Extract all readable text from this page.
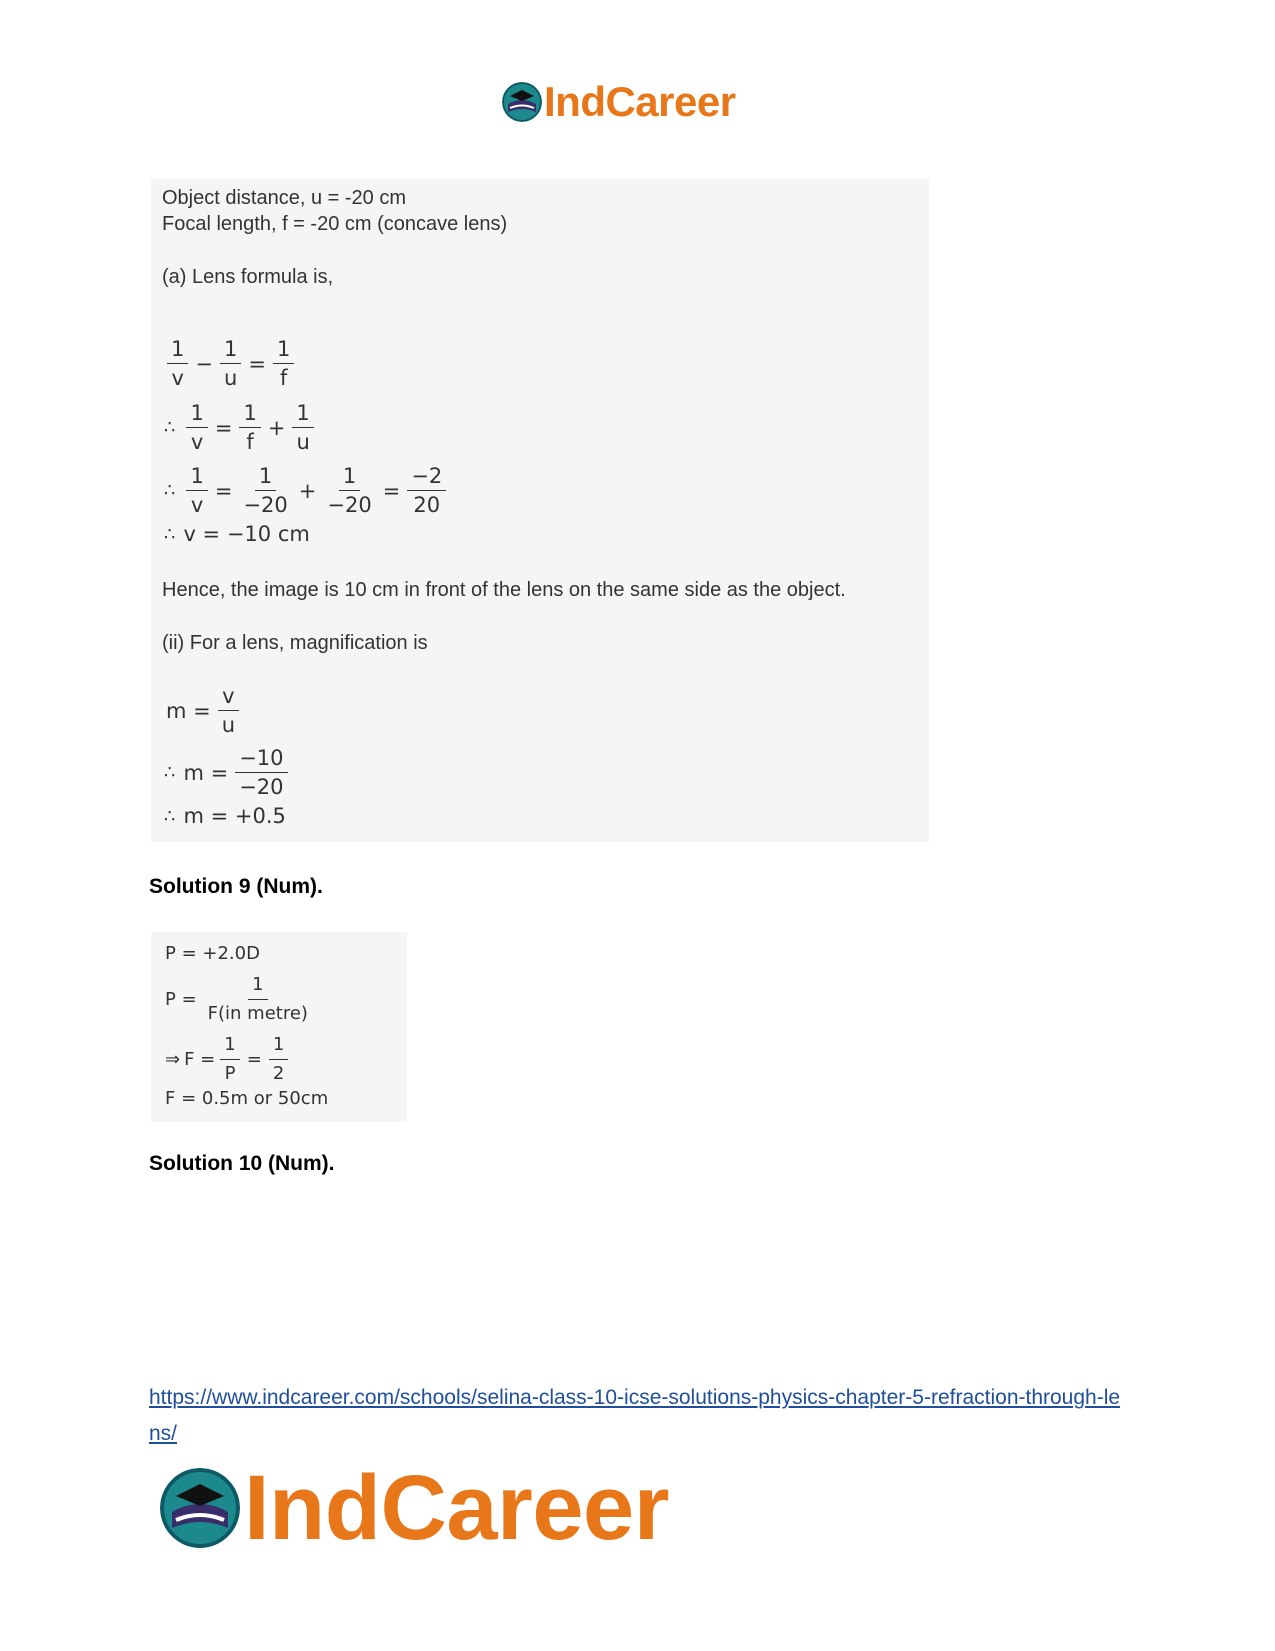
IndCareer
Object distance, u = -20 cm
Focal length, f = -20 cm (concave lens)
(a) Lens formula is,
$\frac{1}{v} - \frac{1}{u} = \frac{1}{f}$
∴ $\frac{1}{v} = \frac{1}{f} + \frac{1}{u}$
∴ $\frac{1}{v} = \frac{1}{-20} + \frac{1}{-20} = \frac{-2}{20}$
∴ v = −10 cm
Hence, the image is 10 cm in front of the lens on the same side as the object.
(ii) For a lens, magnification is
$m = \frac{v}{u}$
∴ $m = \frac{-10}{-20}$
∴ m = +0.5
Solution 9 (Num).
P = +2.0D
$P = \frac{1}{\text{F(in metre)}}$
⇒ $F = \frac{1}{P} = \frac{1}{2}$
F = 0.5m or 50cm
Solution 10 (Num).
https://www.indcareer.com/schools/selina-class-10-icse-solutions-physics-chapter-5-refraction-through-lens/
IndCareer
